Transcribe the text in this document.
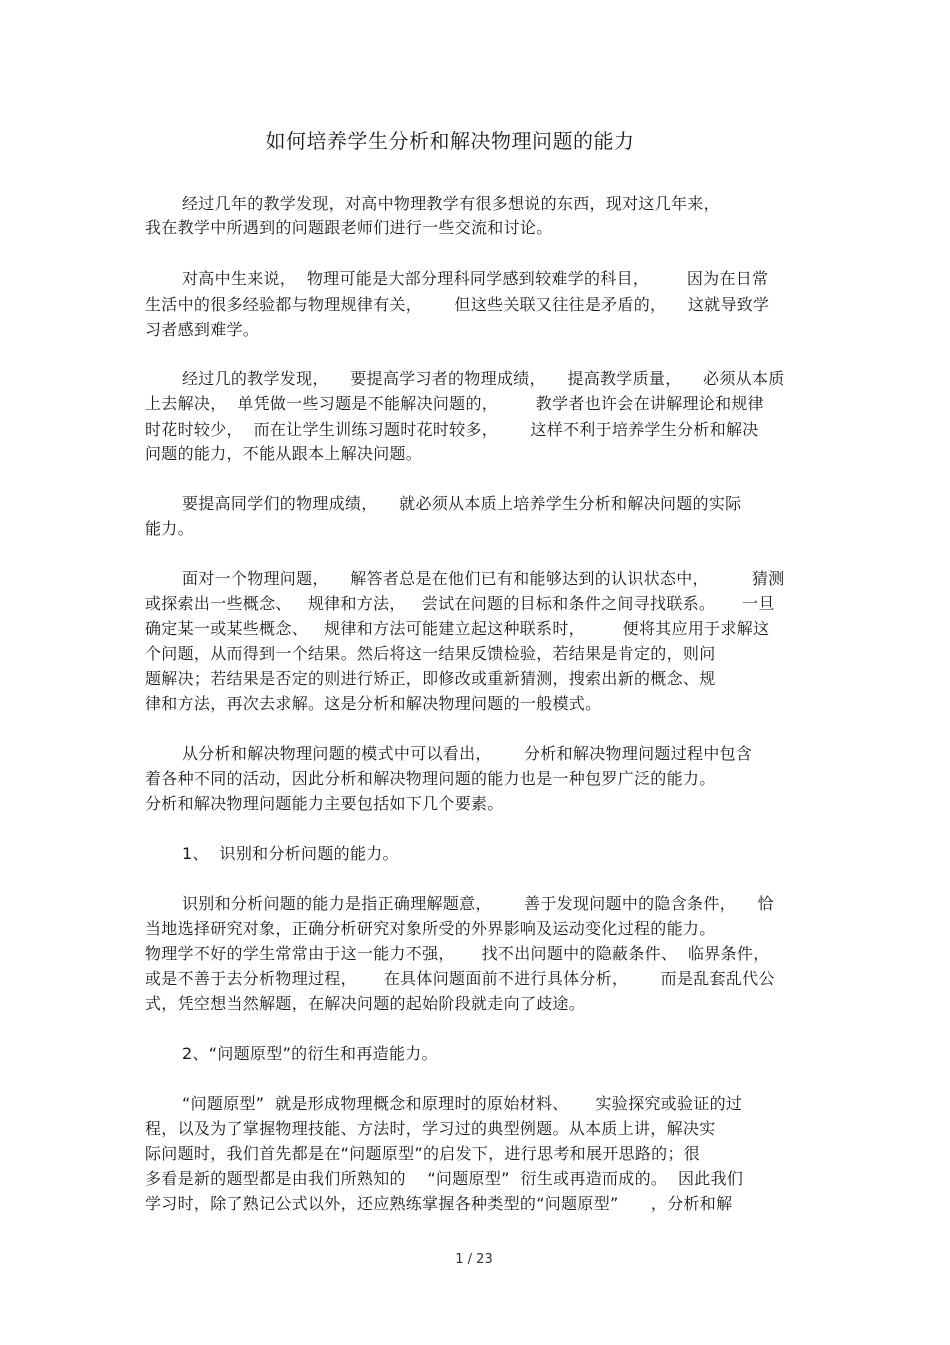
如何培养学生分析和解决物理问题的能力
经过几年的教学发现，对高中物理教学有很多想说的东西，现对这几年来，
我在教学中所遇到的问题跟老师们进行一些交流和讨论。
对高中生来说，  物理可能是大部分理科同学感到较难学的科目，       因为在日常
生活中的很多经验都与物理规律有关，      但这些关联又往往是矛盾的，    这就导致学
习者感到难学。
经过几的教学发现，    要提高学习者的物理成绩，    提高教学质量，    必须从本质
上去解决，  单凭做一些习题是不能解决问题的，       教学者也许会在讲解理论和规律
时花时较少，  而在让学生训练习题时花时较多，      这样不利于培养学生分析和解决
问题的能力，不能从跟本上解决问题。
要提高同学们的物理成绩，    就必须从本质上培养学生分析和解决问题的实际
能力。
面对一个物理问题，    解答者总是在他们已有和能够达到的认识状态中，        猜测
或探索出一些概念、   规律和方法，   尝试在问题的目标和条件之间寻找联系。     一旦
确定某一或某些概念、   规律和方法可能建立起这种联系时，       便将其应用于求解这
个问题，从而得到一个结果。然后将这一结果反馈检验，若结果是肯定的，则问
题解决；若结果是否定的则进行矫正，即修改或重新猜测，搜索出新的概念、规
律和方法，再次去求解。这是分析和解决物理问题的一般模式。
从分析和解决物理问题的模式中可以看出，      分析和解决物理问题过程中包含
着各种不同的活动，因此分析和解决物理问题的能力也是一种包罗广泛的能力。
分析和解决物理问题能力主要包括如下几个要素。
1、  识别和分析问题的能力。
识别和分析问题的能力是指正确理解题意，      善于发现问题中的隐含条件，    恰
当地选择研究对象，正确分析研究对象所受的外界影响及运动变化过程的能力。
物理学不好的学生常常由于这一能力不强，     找不出问题中的隐蔽条件、  临界条件，
或是不善于去分析物理过程，     在具体问题面前不进行具体分析，      而是乱套乱代公
式，凭空想当然解题，在解决问题的起始阶段就走向了歧途。
2、“问题原型”的衍生和再造能力。
“问题原型”  就是形成物理概念和原理时的原始材料、     实验探究或验证的过
程，以及为了掌握物理技能、方法时，学习过的典型例题。从本质上讲，解决实
际问题时，我们首先都是在“问题原型”的启发下，进行思考和展开思路的；很
多看是新的题型都是由我们所熟知的    “问题原型”  衍生或再造而成的。  因此我们
学习时，除了熟记公式以外，还应熟练掌握各种类型的“问题原型”      ，分析和解
1 / 23
